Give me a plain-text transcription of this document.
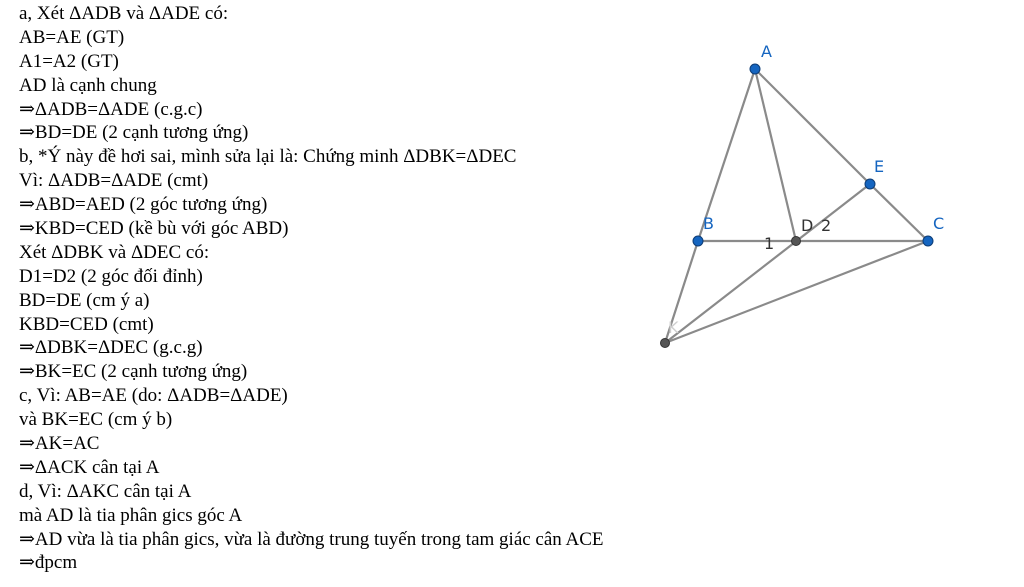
a, Xét ΔADB và ΔADE có:
AB=AE (GT)
A1=A2 (GT)
AD là cạnh chung
⇒ΔADB=ΔADE (c.g.c)
⇒BD=DE (2 cạnh tương ứng)
b, *Ý này đề hơi sai, mình sửa lại là: Chứng minh ΔDBK=ΔDEC
Vì: ΔADB=ΔADE (cmt)
⇒ABD=AED (2 góc tương ứng)
⇒KBD=CED (kề bù với góc ABD)
Xét ΔDBK và ΔDEC có:
D1=D2 (2 góc đối đỉnh)
BD=DE (cm ý a)
KBD=CED (cmt)
⇒ΔDBK=ΔDEC (g.c.g)
⇒BK=EC (2 cạnh tương ứng)
c, Vì: AB=AE (do: ΔADB=ΔADE)
và BK=EC (cm ý b)
⇒AK=AC
⇒ΔACK cân tại A
d, Vì: ΔAKC cân tại A
mà AD là tia phân gics góc A
⇒AD vừa là tia phân gics, vừa là đường trung tuyến trong tam giác cân ACE
⇒đpcm
A
B	C
E
D
K
1
2
